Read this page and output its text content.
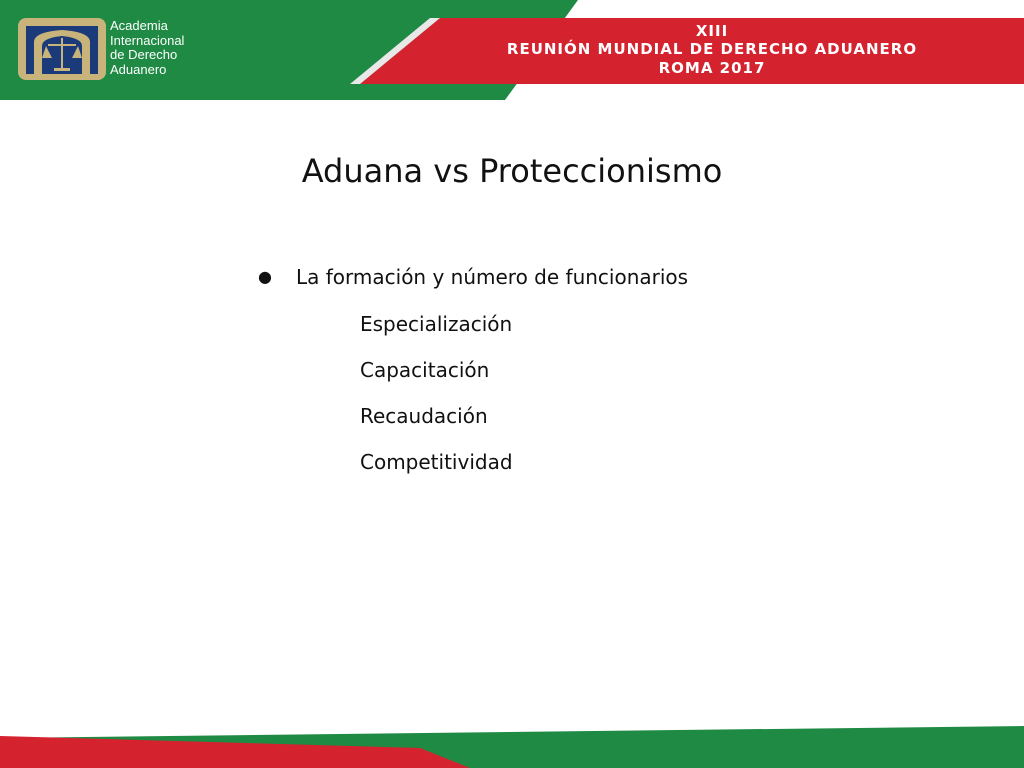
Academia
Internacional
de Derecho
Aduanero
XIII
REUNIÓN MUNDIAL DE DERECHO ADUANERO
ROMA 2017
Aduana vs Proteccionismo
● La formación y número de funcionarios
Especialización
Capacitación
Recaudación
Competitividad
